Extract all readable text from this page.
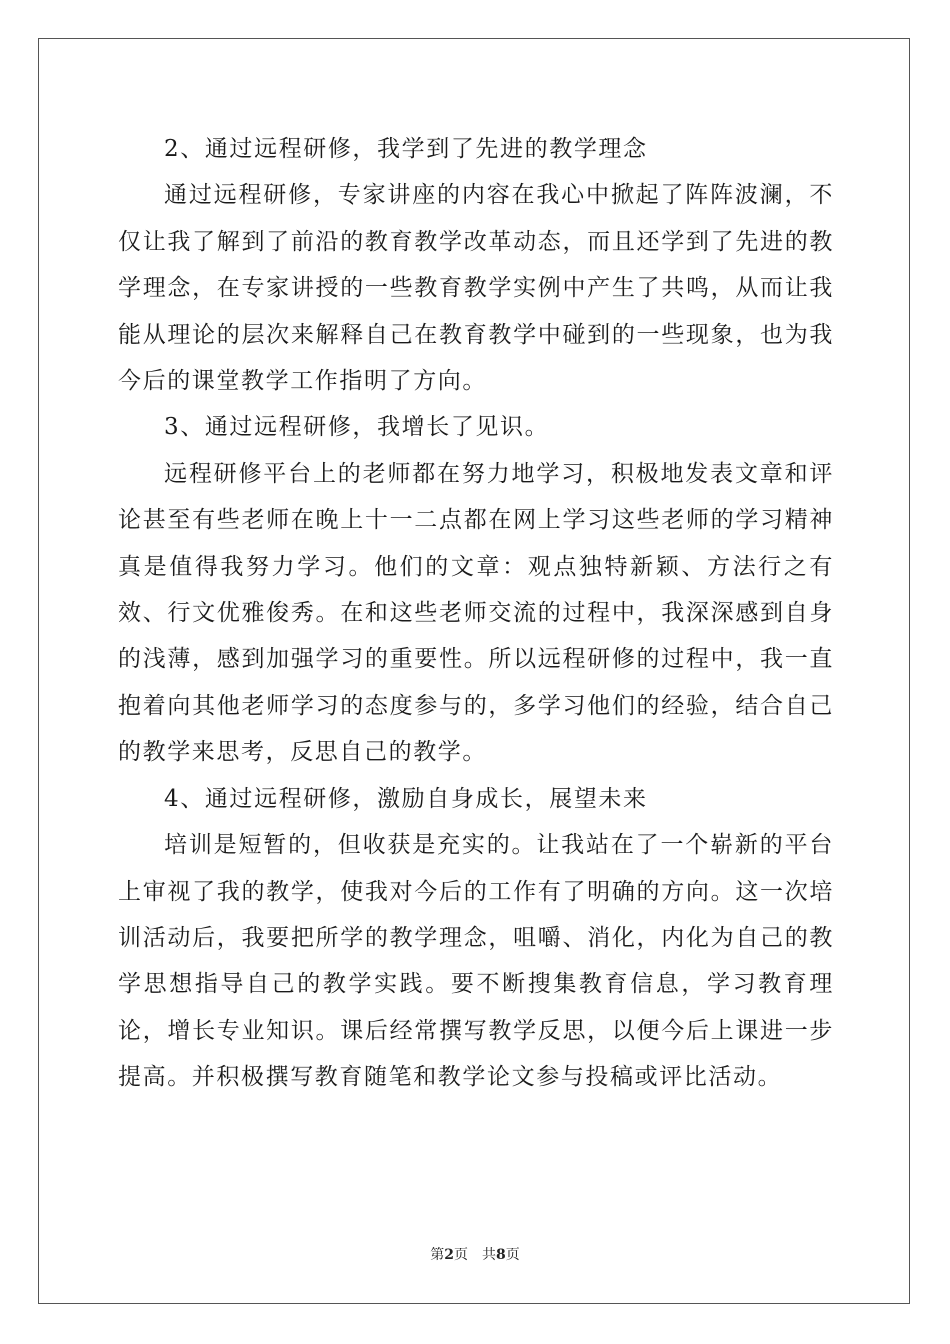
2、通过远程研修，我学到了先进的教学理念

通过远程研修，专家讲座的内容在我心中掀起了阵阵波澜，不仅让我了解到了前沿的教育教学改革动态，而且还学到了先进的教学理念，在专家讲授的一些教育教学实例中产生了共鸣，从而让我能从理论的层次来解释自己在教育教学中碰到的一些现象，也为我今后的课堂教学工作指明了方向。

3、通过远程研修，我增长了见识。

远程研修平台上的老师都在努力地学习，积极地发表文章和评论甚至有些老师在晚上十一二点都在网上学习这些老师的学习精神真是值得我努力学习。他们的文章：观点独特新颖、方法行之有效、行文优雅俊秀。在和这些老师交流的过程中，我深深感到自身的浅薄，感到加强学习的重要性。所以远程研修的过程中，我一直抱着向其他老师学习的态度参与的，多学习他们的经验，结合自己的教学来思考，反思自己的教学。

4、通过远程研修，激励自身成长，展望未来

培训是短暂的，但收获是充实的。让我站在了一个崭新的平台上审视了我的教学，使我对今后的工作有了明确的方向。这一次培训活动后，我要把所学的教学理念，咀嚼、消化，内化为自己的教学思想指导自己的教学实践。要不断搜集教育信息，学习教育理论，增长专业知识。课后经常撰写教学反思，以便今后上课进一步提高。并积极撰写教育随笔和教学论文参与投稿或评比活动。

第2页 共8页
